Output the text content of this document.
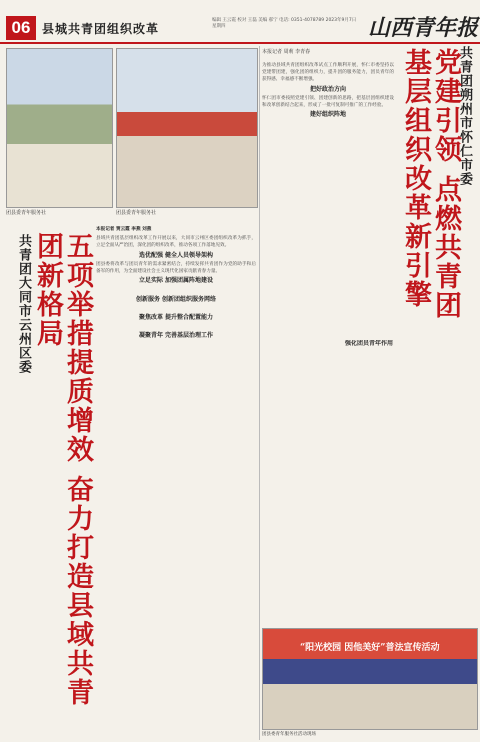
06 县城共青团组织改革
编辑 王云霞 校对 王磊 美编 郝宁 电话: 0351-4078789 2023年9月7日 星期四	山西青年报
团县委青年服务社	团县委青年服务社
共青团大同市云州区委	五项举措提质增效 奋力打造县域共青团新格局
本报记者 贾云霞 李燕 刘燕

县域共青团基层组织改革工作开展以来，大同市云州区委团组织改革为抓手，立足全面从严治团，深化团的组织改革，推动各项工作落地见效。

选优配强 健全人员领导架构

团县委将改革与团员青年的需求紧密结合，持续发挥共青团作为党的助手和后备军的作用，为全面建设社会主义现代化国家贡献青春力量。

立足实际 加强团属阵地建设

创新服务 创新团组织服务网络

聚焦改革 提升整合配置能力

凝聚青年 完善基层治理工作
共青团朔州市怀仁市委
党建引领 点燃共青团基层组织改革新引擎
本报记者 周莉 李青春

为推动县域共青团组织改革试点工作顺利开展，怀仁市委坚持以党建带团建，强化团的组织力，提升团的服务能力，团员青年的获得感、幸福感不断增强。

把好政治方向

怀仁团市委按照党建引领、团建创新的思路，把基层团组织建设和改革创新结合起来，形成了一批可复制可推广的工作经验。

建好组织阵地
强化团员青年作用
“阳光校园 因他美好”普法宣传活动
团县委青年服务社活动现场
